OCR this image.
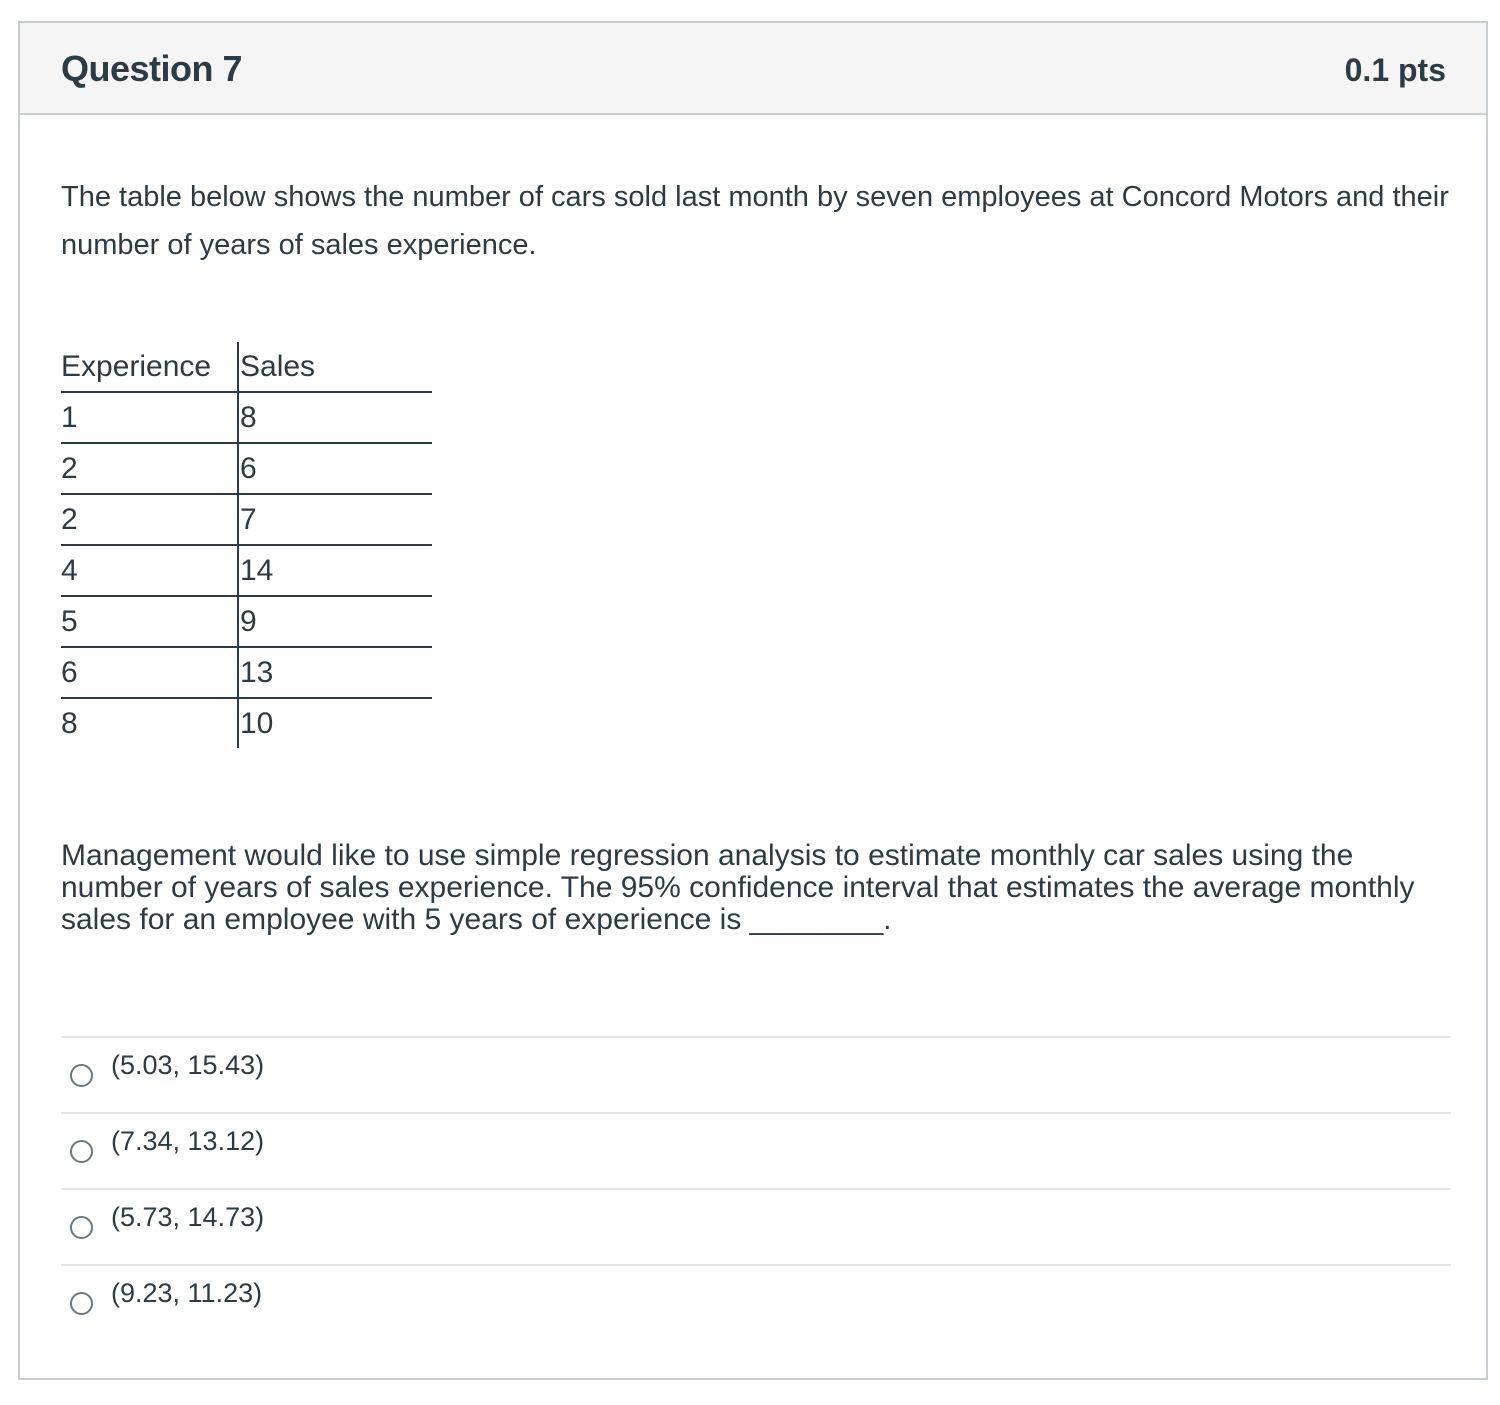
Question 7	0.1 pts
The table below shows the number of cars sold last month by seven employees at Concord Motors and their number of years of sales experience.
Experience	Sales
1	8
2	6
2	7
4	14
5	9
6	13
8	10
Management would like to use simple regression analysis to estimate monthly car sales using the number of years of sales experience. The 95% confidence interval that estimates the average monthly sales for an employee with 5 years of experience is ________.
(5.03, 15.43)
(7.34, 13.12)
(5.73, 14.73)
(9.23, 11.23)
